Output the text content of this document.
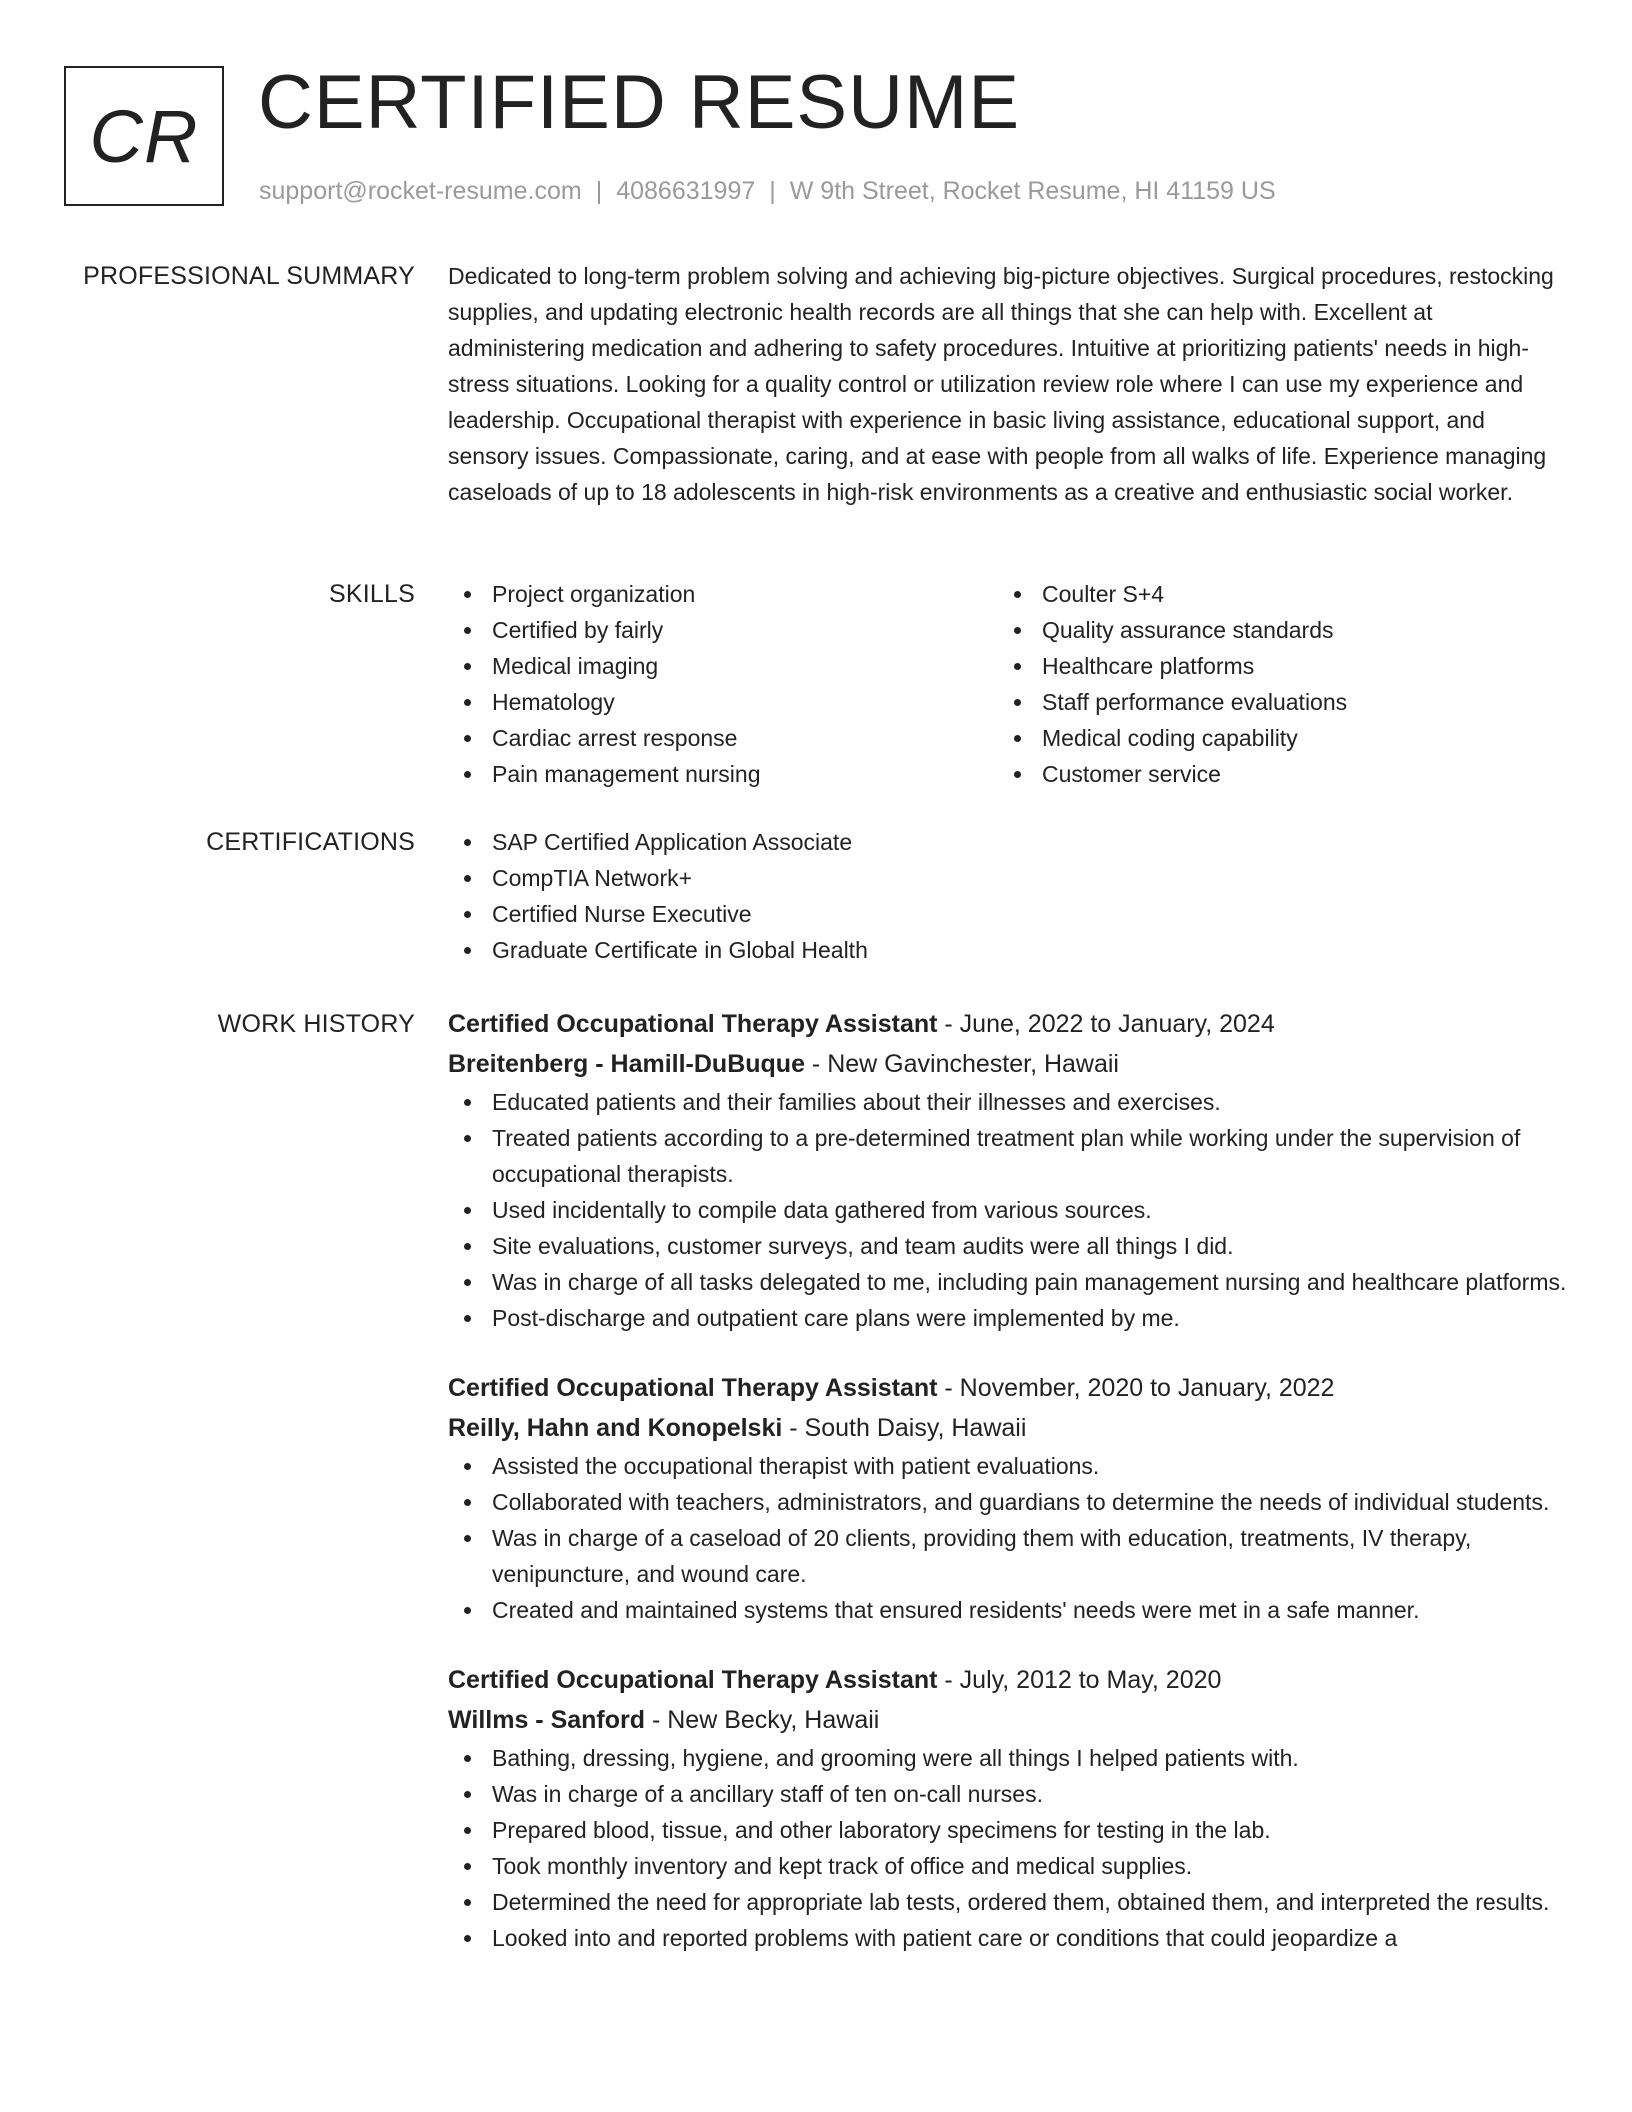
CR CERTIFIED RESUME
support@rocket-resume.com | 4086631997 | W 9th Street, Rocket Resume, HI 41159 US
PROFESSIONAL SUMMARY Dedicated to long-term problem solving and achieving big-picture objectives. Surgical procedures, restocking supplies, and updating electronic health records are all things that she can help with. Excellent at administering medication and adhering to safety procedures. Intuitive at prioritizing patients' needs in high-stress situations. Looking for a quality control or utilization review role where I can use my experience and leadership. Occupational therapist with experience in basic living assistance, educational support, and sensory issues. Compassionate, caring, and at ease with people from all walks of life. Experience managing caseloads of up to 18 adolescents in high-risk environments as a creative and enthusiastic social worker.

SKILLS	Project organization
Certified by fairly
Medical imaging
Hematology
Cardiac arrest response
Pain management nursing
Coulter S+4
Quality assurance standards
Healthcare platforms
Staff performance evaluations
Medical coding capability
Customer service
CERTIFICATIONS	SAP Certified Application Associate
CompTIA Network+
Certified Nurse Executive
Graduate Certificate in Global Health
WORK HISTORY Certified Occupational Therapy Assistant - June, 2022 to January, 2024
Breitenberg - Hamill-DuBuque - New Gavinchester, Hawaii
Educated patients and their families about their illnesses and exercises.
Treated patients according to a pre-determined treatment plan while working under the supervision of occupational therapists.
Used incidentally to compile data gathered from various sources.
Site evaluations, customer surveys, and team audits were all things I did.
Was in charge of all tasks delegated to me, including pain management nursing and healthcare platforms.
Post-discharge and outpatient care plans were implemented by me.
Certified Occupational Therapy Assistant - November, 2020 to January, 2022
Reilly, Hahn and Konopelski - South Daisy, Hawaii
Assisted the occupational therapist with patient evaluations.
Collaborated with teachers, administrators, and guardians to determine the needs of individual students.
Was in charge of a caseload of 20 clients, providing them with education, treatments, IV therapy, venipuncture, and wound care.
Created and maintained systems that ensured residents' needs were met in a safe manner.
Certified Occupational Therapy Assistant - July, 2012 to May, 2020
Willms - Sanford - New Becky, Hawaii
Bathing, dressing, hygiene, and grooming were all things I helped patients with.
Was in charge of a ancillary staff of ten on-call nurses.
Prepared blood, tissue, and other laboratory specimens for testing in the lab.
Took monthly inventory and kept track of office and medical supplies.
Determined the need for appropriate lab tests, ordered them, obtained them, and interpreted the results.
Looked into and reported problems with patient care or conditions that could jeopardize a
